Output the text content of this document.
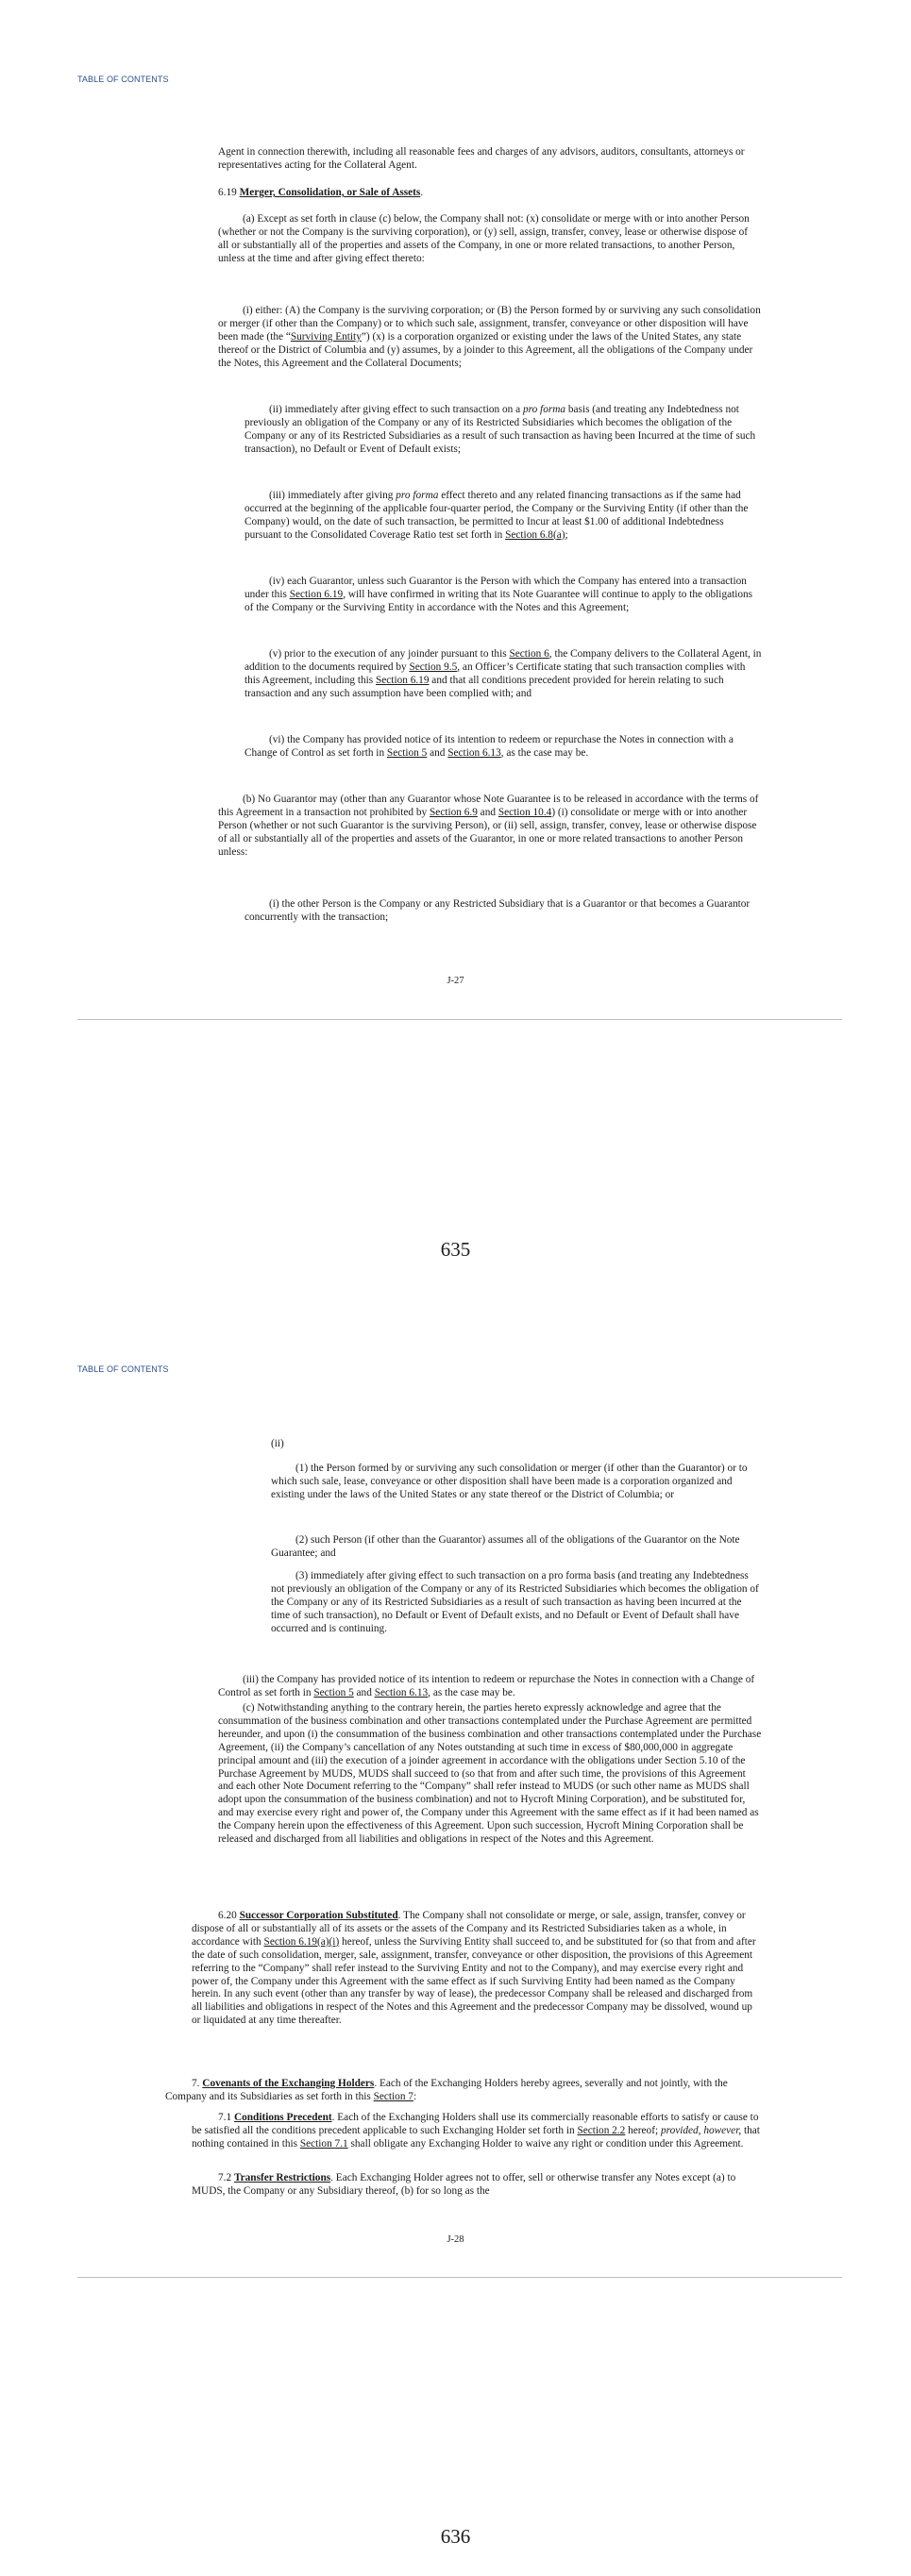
TABLE OF CONTENTS

Agent in connection therewith, including all reasonable fees and charges of any advisors, auditors, consultants, attorneys or representatives acting for the Collateral Agent.

6.19 Merger, Consolidation, or Sale of Assets.

(a) Except as set forth in clause (c) below, the Company shall not: (x) consolidate or merge with or into another Person (whether or not the Company is the surviving corporation), or (y) sell, assign, transfer, convey, lease or otherwise dispose of all or substantially all of the properties and assets of the Company, in one or more related transactions, to another Person, unless at the time and after giving effect thereto:

(i) either: (A) the Company is the surviving corporation; or (B) the Person formed by or surviving any such consolidation or merger (if other than the Company) or to which such sale, assignment, transfer, conveyance or other disposition will have been made (the “Surviving Entity”) (x) is a corporation organized or existing under the laws of the United States, any state thereof or the District of Columbia and (y) assumes, by a joinder to this Agreement, all the obligations of the Company under the Notes, this Agreement and the Collateral Documents;

(ii) immediately after giving effect to such transaction on a pro forma basis (and treating any Indebtedness not previously an obligation of the Company or any of its Restricted Subsidiaries which becomes the obligation of the Company or any of its Restricted Subsidiaries as a result of such transaction as having been Incurred at the time of such transaction), no Default or Event of Default exists;

(iii) immediately after giving pro forma effect thereto and any related financing transactions as if the same had occurred at the beginning of the applicable four-quarter period, the Company or the Surviving Entity (if other than the Company) would, on the date of such transaction, be permitted to Incur at least $1.00 of additional Indebtedness pursuant to the Consolidated Coverage Ratio test set forth in Section 6.8(a);

(iv) each Guarantor, unless such Guarantor is the Person with which the Company has entered into a transaction under this Section 6.19, will have confirmed in writing that its Note Guarantee will continue to apply to the obligations of the Company or the Surviving Entity in accordance with the Notes and this Agreement;

(v) prior to the execution of any joinder pursuant to this Section 6, the Company delivers to the Collateral Agent, in addition to the documents required by Section 9.5, an Officer’s Certificate stating that such transaction complies with this Agreement, including this Section 6.19 and that all conditions precedent provided for herein relating to such transaction and any such assumption have been complied with; and

(vi) the Company has provided notice of its intention to redeem or repurchase the Notes in connection with a Change of Control as set forth in Section 5 and Section 6.13, as the case may be.

(b) No Guarantor may (other than any Guarantor whose Note Guarantee is to be released in accordance with the terms of this Agreement in a transaction not prohibited by Section 6.9 and Section 10.4) (i) consolidate or merge with or into another Person (whether or not such Guarantor is the surviving Person), or (ii) sell, assign, transfer, convey, lease or otherwise dispose of all or substantially all of the properties and assets of the Guarantor, in one or more related transactions to another Person unless:

(i) the other Person is the Company or any Restricted Subsidiary that is a Guarantor or that becomes a Guarantor concurrently with the transaction;

J-27
635
TABLE OF CONTENTS

(ii)

(1) the Person formed by or surviving any such consolidation or merger (if other than the Guarantor) or to which such sale, lease, conveyance or other disposition shall have been made is a corporation organized and existing under the laws of the United States or any state thereof or the District of Columbia; or

(2) such Person (if other than the Guarantor) assumes all of the obligations of the Guarantor on the Note Guarantee; and

(3) immediately after giving effect to such transaction on a pro forma basis (and treating any Indebtedness not previously an obligation of the Company or any of its Restricted Subsidiaries which becomes the obligation of the Company or any of its Restricted Subsidiaries as a result of such transaction as having been incurred at the time of such transaction), no Default or Event of Default exists, and no Default or Event of Default shall have occurred and is continuing.

(iii) the Company has provided notice of its intention to redeem or repurchase the Notes in connection with a Change of Control as set forth in Section 5 and Section 6.13, as the case may be.

(c) Notwithstanding anything to the contrary herein, the parties hereto expressly acknowledge and agree that the consummation of the business combination and other transactions contemplated under the Purchase Agreement are permitted hereunder, and upon (i) the consummation of the business combination and other transactions contemplated under the Purchase Agreement, (ii) the Company’s cancellation of any Notes outstanding at such time in excess of $80,000,000 in aggregate principal amount and (iii) the execution of a joinder agreement in accordance with the obligations under Section 5.10 of the Purchase Agreement by MUDS, MUDS shall succeed to (so that from and after such time, the provisions of this Agreement and each other Note Document referring to the “Company” shall refer instead to MUDS (or such other name as MUDS shall adopt upon the consummation of the business combination) and not to Hycroft Mining Corporation), and be substituted for, and may exercise every right and power of, the Company under this Agreement with the same effect as if it had been named as the Company herein upon the effectiveness of this Agreement. Upon such succession, Hycroft Mining Corporation shall be released and discharged from all liabilities and obligations in respect of the Notes and this Agreement.

6.20 Successor Corporation Substituted. The Company shall not consolidate or merge, or sale, assign, transfer, convey or dispose of all or substantially all of its assets or the assets of the Company and its Restricted Subsidiaries taken as a whole, in accordance with Section 6.19(a)(i) hereof, unless the Surviving Entity shall succeed to, and be substituted for (so that from and after the date of such consolidation, merger, sale, assignment, transfer, conveyance or other disposition, the provisions of this Agreement referring to the “Company” shall refer instead to the Surviving Entity and not to the Company), and may exercise every right and power of, the Company under this Agreement with the same effect as if such Surviving Entity had been named as the Company herein. In any such event (other than any transfer by way of lease), the predecessor Company shall be released and discharged from all liabilities and obligations in respect of the Notes and this Agreement and the predecessor Company may be dissolved, wound up or liquidated at any time thereafter.

7. Covenants of the Exchanging Holders. Each of the Exchanging Holders hereby agrees, severally and not jointly, with the Company and its Subsidiaries as set forth in this Section 7:

7.1 Conditions Precedent. Each of the Exchanging Holders shall use its commercially reasonable efforts to satisfy or cause to be satisfied all the conditions precedent applicable to such Exchanging Holder set forth in Section 2.2 hereof; provided, however, that nothing contained in this Section 7.1 shall obligate any Exchanging Holder to waive any right or condition under this Agreement.

7.2 Transfer Restrictions. Each Exchanging Holder agrees not to offer, sell or otherwise transfer any Notes except (a) to MUDS, the Company or any Subsidiary thereof, (b) for so long as the

J-28
636
